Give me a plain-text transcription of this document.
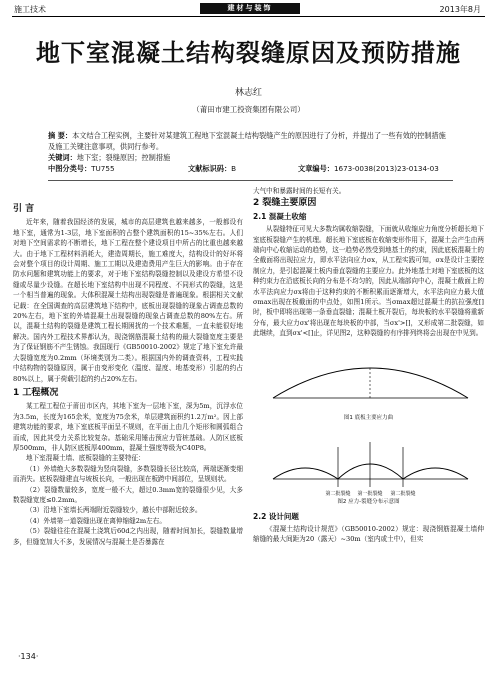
施工技术	建材与装饰	2013年8月
地下室混凝土结构裂缝原因及预防措施
林志红
（莆田市建工投资集团有限公司）
摘 要：本文结合工程实例，主要针对某建筑工程地下室混凝土结构裂缝产生的原因进行了分析，并提出了一些有效的控制措施及施工关键注意事项，供同行参考。
关键词：地下室；裂缝原因；控制措施
中图分类号：TU755	文献标识码：B	文章编号：1673-0038(2013)23-0134-03
引 言

近年来，随着我国经济的发展，城市的高层建筑也越来越多，一般都设有地下室，通常为1-3层，地下室面积的占整个建筑面积的15~35%左右。人们对地下空间需求的不断增长，地下工程在整个建设项目中所占的比重也越来越大。由于地下工程材料消耗大，建造周期长，施工难度大，结构设计的好坏将会对整个项目的设计周期、施工工期以及建造费用产生巨大的影响。由于存在防水问题和建筑功能上的要求，对于地下室结构裂缝控制以及建设方希望不设缝或尽量少设缝。在超长地下室结构中出现不同程度、不同形式的裂缝，这是一个相当普遍的现象。大体积混凝土结构出现裂缝是普遍现象。根据相关文献记载：在全国调查的高层建筑地下结构中，底板出现裂缝的现象占调查总数的20%左右，地下室的外墙混凝土出现裂缝的现象占调查总数的80%左右。所以，混凝土结构的裂缝是建筑工程长期困扰的一个技术难题，一直未能很好地解决。国内外工程技术界都认为，现浇钢筋混凝土结构的最大裂缝宽度主要是为了保证钢筋不产生锈蚀。我国现行《GB50010-2002》规定了地下室允许最大裂缝宽度为0.2mm（环境类别为二类）。根据国内外的调查资料，工程实践中结构物的裂缝原因，属于由变形变化（温度、湿度、地基变形）引起的约占80%以上，属于荷载引起的约占20%左右。

1 工程概况

某工程工程位于莆田市区内，其地下室为一层地下室，深为5m，沉浮水位为3.5m，长度为165余米，宽度为75余米，单层建筑面积约1.2万m²。因上部建筑功能的要求，地下室底板平面呈不规则，在平面上由几个矩形和圆弧组合而成，因此其受力关系比较复杂。基础采用锤击预应力管桩基础。人防区底板厚500mm，非人防区底板厚400mm，混凝土强度等级为C40P8。

地下室混凝土墙、底板裂缝的主要特征：

（1）外墙绝大多数裂缝为竖向裂缝，多数裂缝长径比较高，两端逐渐变细而消失。底板裂缝建直与坡板长向，一般出现在板跨中间部位，呈规则状。

（2）裂缝数量较多，宽度一般不大，超过0.3mm宽的裂缝很少见，大多数裂缝宽度≤0.2mm。

（3）沿地下室墙长两端附近裂缝较少，越长中部附近较多。

（4）外墙第一道裂缝出现在离伸缩缝2m左右。

（5）裂缝往往在混凝土浇筑后60d之内出现，随着时间加长，裂缝数量增多，但缝宽加大不多，发展情况与混凝土是否暴露在

大气中和暴露时间的长短有关。

2 裂缝主要原因
2.1 混凝土收缩

从裂缝特征可见大多数均属收缩裂缝，下面就从收缩应力角度分析超长地下室底板裂缝产生的机理。超长地下室底板在收缩变形作用下，混凝土会产生由两端向中心收缩运动的趋势，这一趋势必然受到地基土的约束，因此底板混凝土的全截面将出现拉应力，即水平法向应力σx，从工程实践可知，σx是设计主要控制应力，是引起混凝土板内垂直裂缝的主要应力。此外地基土对地下室底板的这种约束力在沿底板长向的分布是不均匀的，因此从端部向中心，混凝土截面上的水平法向应力σx将由于这种约束的不断积累而逐渐增大，水平法向应力最大值σmax出现在板截面的中点处，如图1所示。当σmax超过混凝土的抗拉强度[]时，板中即将出现第一条垂直裂缝；混凝土板开裂后，每块板的水平裂缝将重新分布，最大应力σx'将出现在每块板的中部，当σx'>[]，又形成第二批裂缝，如此继续，直到σx'<[]止，详见图2，这种裂缝的有序排列终将会出现在中见到。

图1 底板主要应力曲
第二批裂缝 第一批裂缝 第二批裂缝
图2 应力-裂缝分布示意图
2.2 设计问题

《混凝土结构设计规范》（GB50010-2002）规定：现浇钢筋混凝土墙伸缩缝的最大间距为20（露天）~30m（室内或土中），但实

·134·
